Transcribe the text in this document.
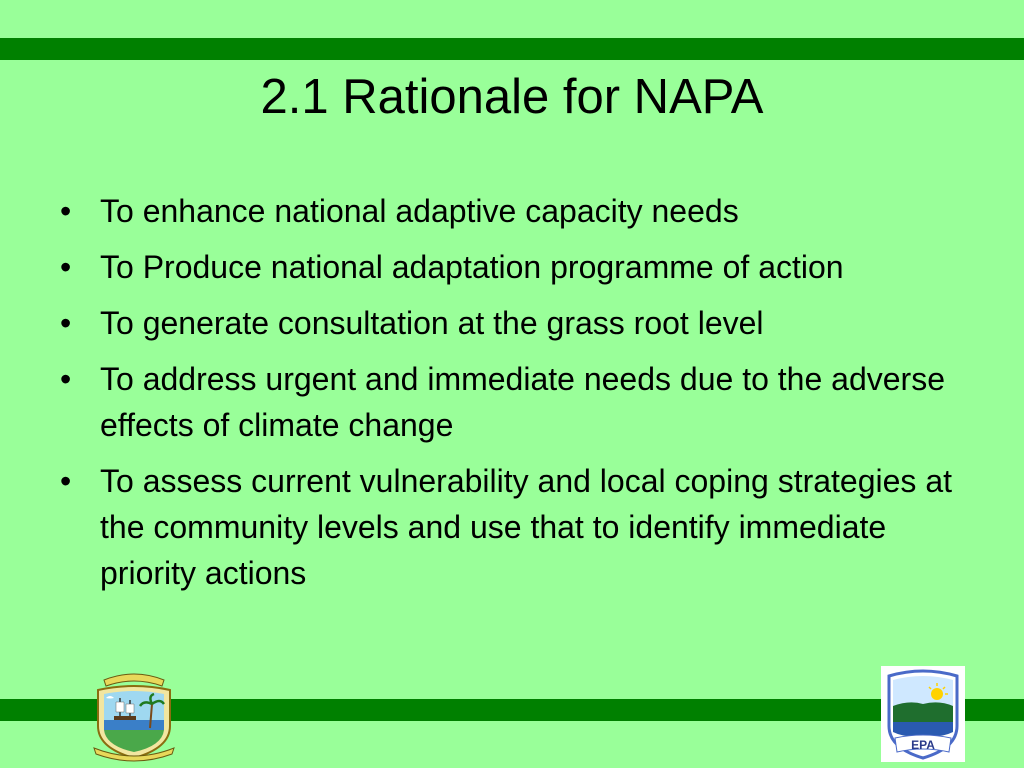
2.1 Rationale for NAPA
• To enhance national adaptive capacity needs
• To Produce national adaptation programme of action
• To generate consultation at the grass root level
• To address urgent and immediate needs due to the adverse effects of climate change
• To assess current vulnerability and local coping strategies at the community levels and use that to identify immediate priority actions
EPA
